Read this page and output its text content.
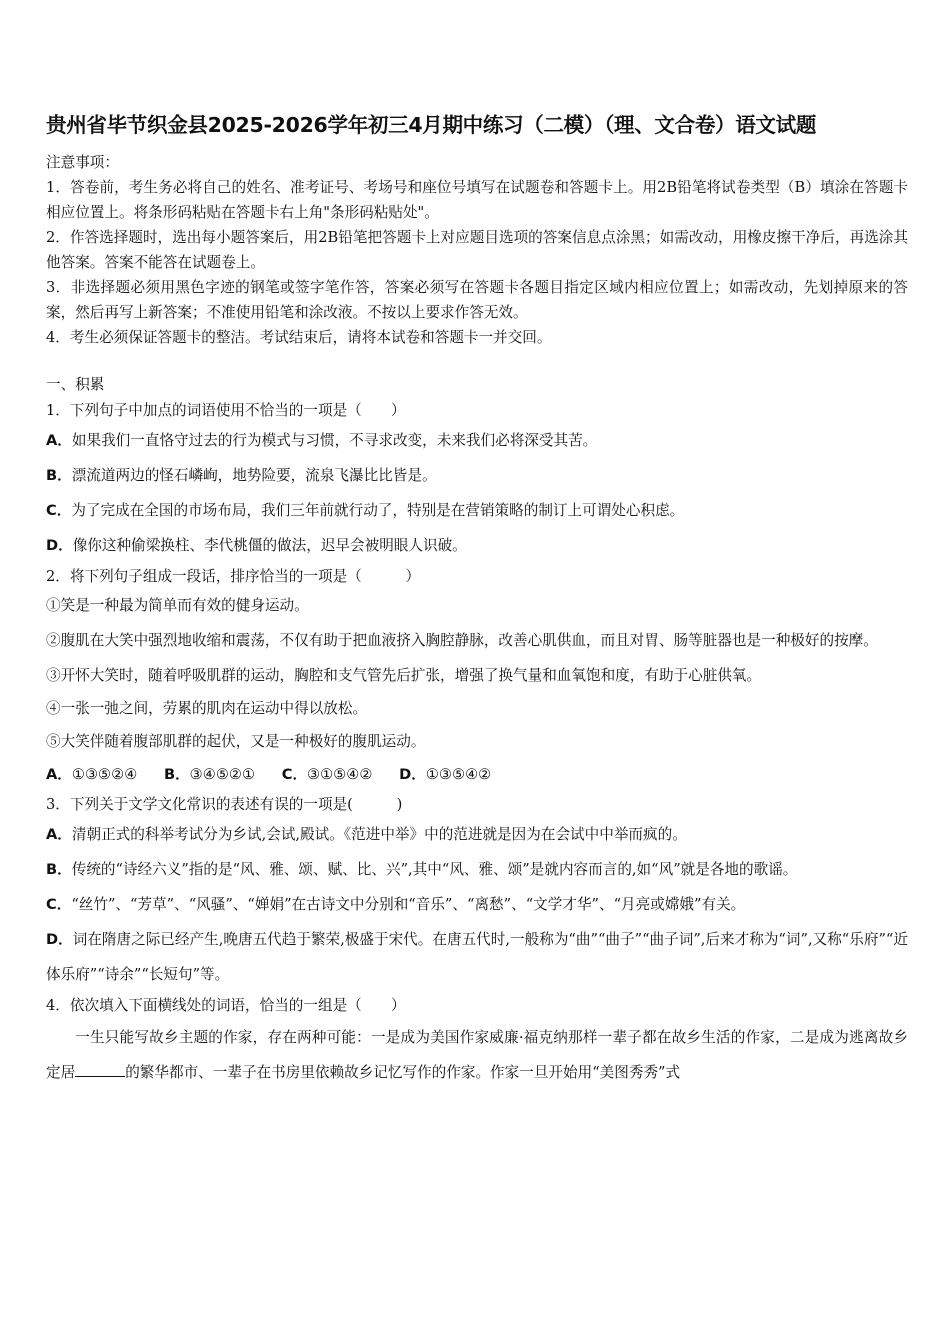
贵州省毕节织金县2025-2026学年初三4月期中练习（二模）（理、文合卷）语文试题
注意事项：
1．答卷前，考生务必将自己的姓名、准考证号、考场号和座位号填写在试题卷和答题卡上。用2B铅笔将试卷类型（B）填涂在答题卡相应位置上。将条形码粘贴在答题卡右上角"条形码粘贴处"。
2．作答选择题时，选出每小题答案后，用2B铅笔把答题卡上对应题目选项的答案信息点涂黑；如需改动，用橡皮擦干净后，再选涂其他答案。答案不能答在试题卷上。
3．非选择题必须用黑色字迹的钢笔或签字笔作答，答案必须写在答题卡各题目指定区域内相应位置上；如需改动，先划掉原来的答案，然后再写上新答案；不准使用铅笔和涂改液。不按以上要求作答无效。
4．考生必须保证答题卡的整洁。考试结束后，请将本试卷和答题卡一并交回。
一、积累
1．下列句子中加点的词语使用不恰当的一项是（　　）
A．如果我们一直恪守过去的行为模式与习惯，不寻求改变，未来我们必将深受其苦。
B．漂流道两边的怪石嶙峋，地势险要，流泉飞瀑比比皆是。
C．为了完成在全国的市场布局，我们三年前就行动了，特别是在营销策略的制订上可谓处心积虑。
D．像你这种偷梁换柱、李代桃僵的做法，迟早会被明眼人识破。
2．将下列句子组成一段话，排序恰当的一项是（　　　）
①笑是一种最为简单而有效的健身运动。
②腹肌在大笑中强烈地收缩和震荡，不仅有助于把血液挤入胸腔静脉，改善心肌供血，而且对胃、肠等脏器也是一种极好的按摩。
③开怀大笑时，随着呼吸肌群的运动，胸腔和支气管先后扩张，增强了换气量和血氧饱和度，有助于心脏供氧。
④一张一弛之间，劳累的肌肉在运动中得以放松。
⑤大笑伴随着腹部肌群的起伏，又是一种极好的腹肌运动。
A．①③⑤②④ B．③④⑤②① C．③①⑤④② D．①③⑤④②
3．下列关于文学文化常识的表述有误的一项是(　　　)
A．清朝正式的科举考试分为乡试,会试,殿试。《范进中举》中的范进就是因为在会试中中举而疯的。
B．传统的“诗经六义”指的是“风、雅、颂、赋、比、兴”,其中“风、雅、颂”是就内容而言的,如“风”就是各地的歌谣。
C．“丝竹”、“芳草”、“风骚”、“婵娟”在古诗文中分别和“音乐”、“离愁”、“文学才华”、“月亮或嫦娥”有关。
D．词在隋唐之际已经产生,晚唐五代趋于繁荣,极盛于宋代。在唐五代时,一般称为“曲”“曲子”“曲子词”,后来才称为“词”,又称“乐府”“近体乐府”“诗余”“长短句”等。
4．依次填入下面横线处的词语，恰当的一组是（　　）
一生只能写故乡主题的作家，存在两种可能：一是成为美国作家威廉·福克纳那样一辈子都在故乡生活的作家，二是成为逃离故乡定居	的繁华都市、一辈子在书房里依赖故乡记忆写作的作家。作家一旦开始用“美图秀秀”式
